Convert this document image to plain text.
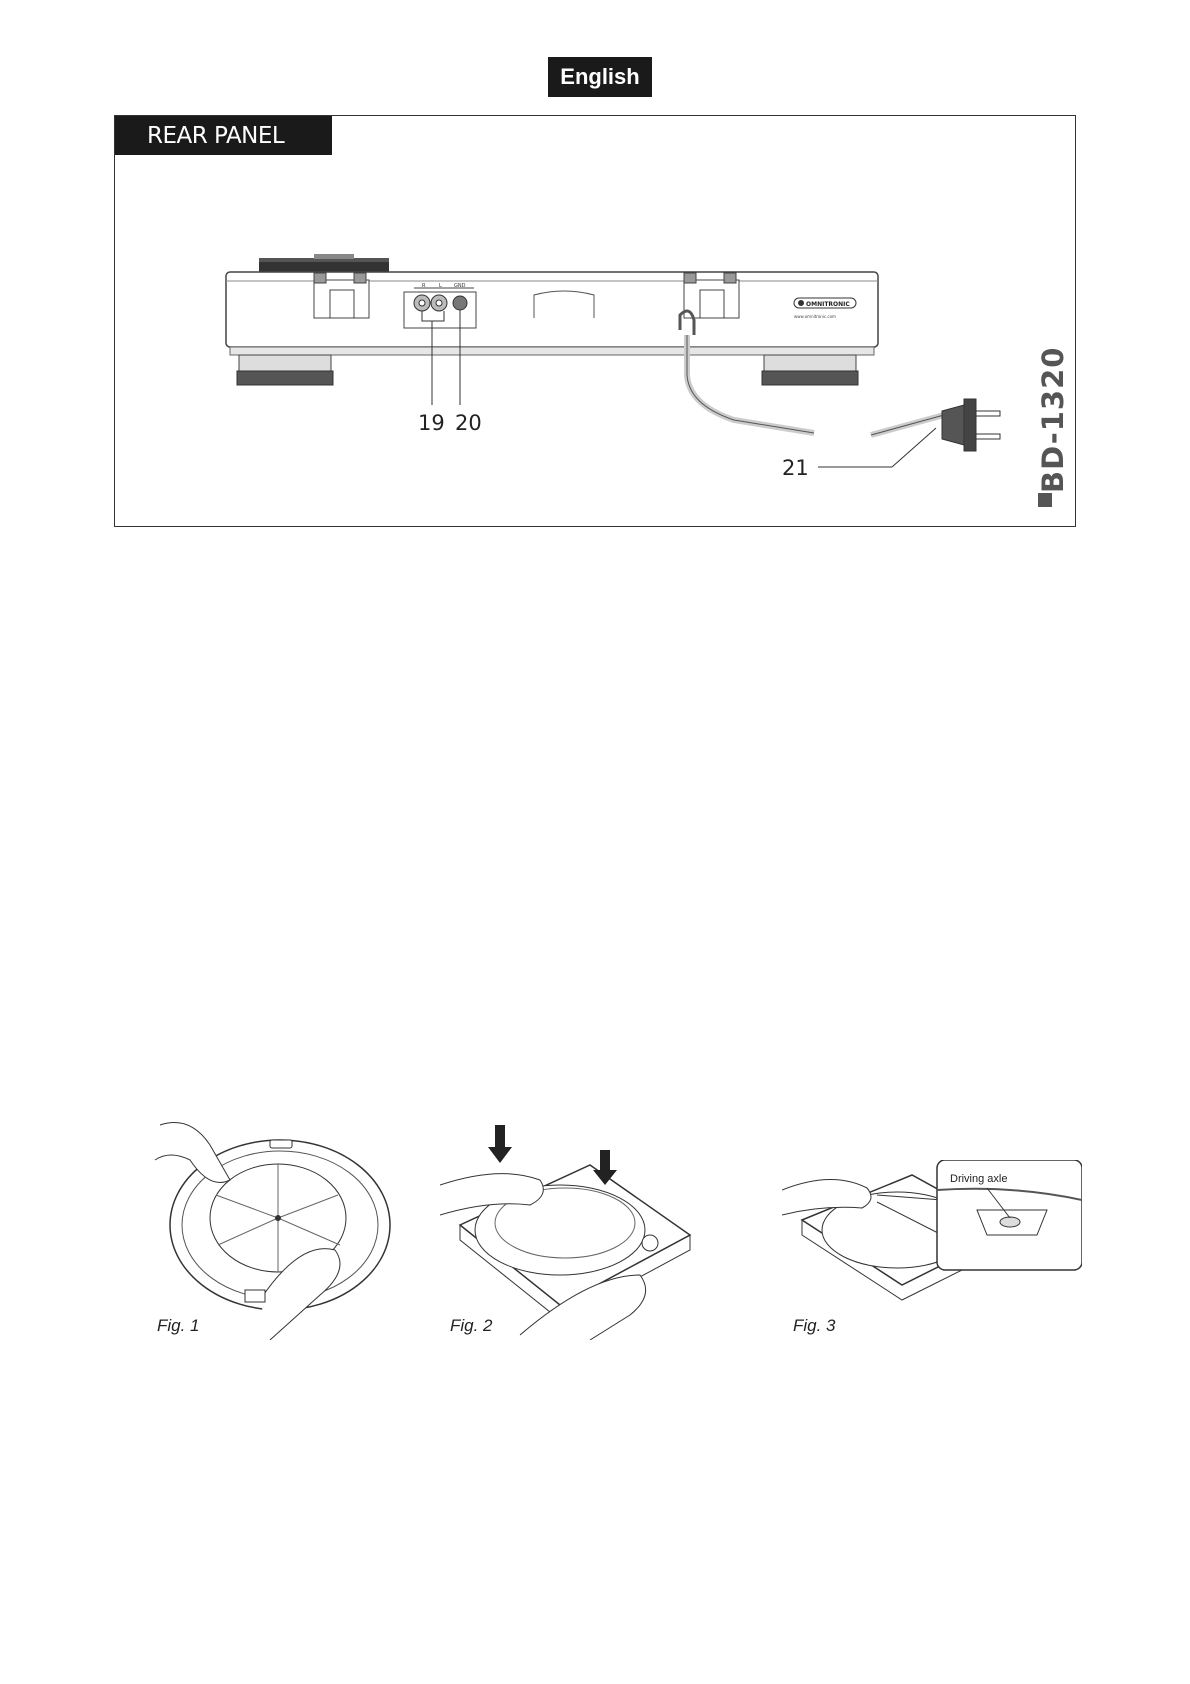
English
REAR PANEL
R	L GND
19 20
OMNITRONIC
www.omnitronic.com
21	BD-1320
Fig. 1	Fig. 2
Driving axle
Fig. 3
